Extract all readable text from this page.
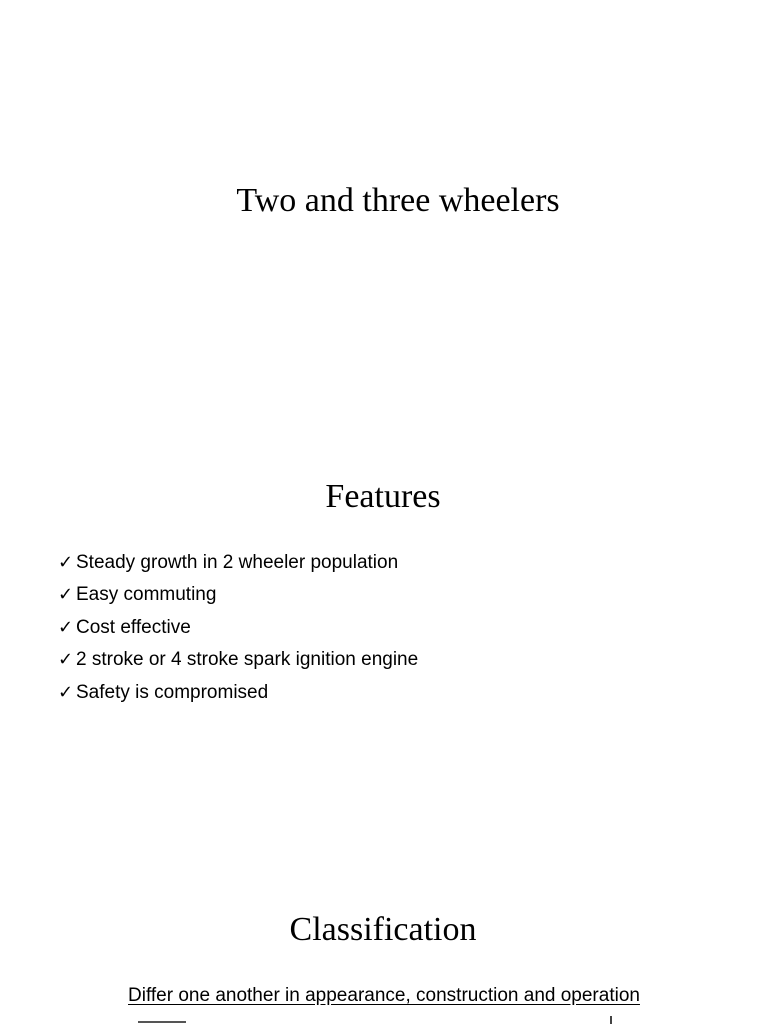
Two and three wheelers
Features
✓ Steady growth in 2 wheeler population
✓ Easy commuting
✓ Cost effective
✓ 2 stroke or 4 stroke spark ignition engine
✓ Safety is compromised
Classification
Differ one another in appearance, construction and operation
